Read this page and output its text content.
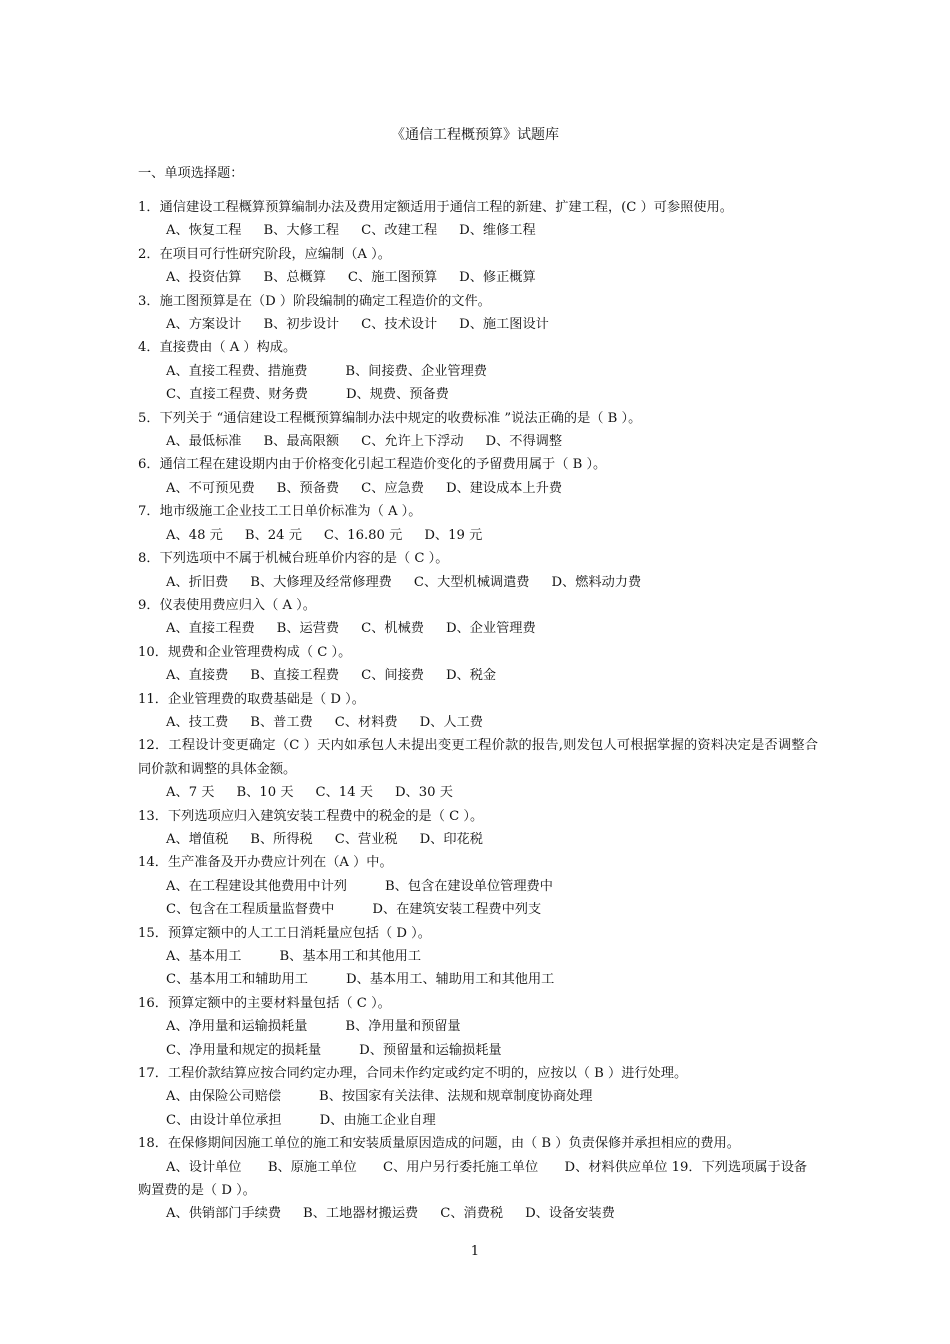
《通信工程概预算》试题库
一、单项选择题：

1．通信建设工程概算预算编制办法及费用定额适用于通信工程的新建、扩建工程，(C ）可参照使用。

A、恢复工程 B、大修工程 C、改建工程 D、维修工程

2．在项目可行性研究阶段，应编制（A ）。

A、投资估算 B、总概算 C、施工图预算 D、修正概算

3．施工图预算是在（D ）阶段编制的确定工程造价的文件。

A、方案设计 B、初步设计 C、技术设计 D、施工图设计

4．直接费由（ A ）构成。

A、直接工程费、措施费	B、间接费、企业管理费
C、直接工程费、财务费	D、规费、预备费

5．下列关于 “通信建设工程概预算编制办法中规定的收费标准 ”说法正确的是（ B ）。

A、最低标准 B、最高限额 C、允许上下浮动 D、不得调整

6．通信工程在建设期内由于价格变化引起工程造价变化的予留费用属于（ B ）。

A、不可预见费 B、预备费 C、应急费 D、建设成本上升费

7．地市级施工企业技工工日单价标准为（ A ）。

A、48 元 B、24 元 C、16.80 元 D、19 元

8．下列选项中不属于机械台班单价内容的是（ C ）。

A、折旧费 B、大修理及经常修理费 C、大型机械调遣费 D、燃料动力费

9．仪表使用费应归入（ A ）。

A、直接工程费 B、运营费 C、机械费 D、企业管理费

10．规费和企业管理费构成（ C ）。

A、直接费 B、直接工程费 C、间接费 D、税金

11．企业管理费的取费基础是（ D ）。

A、技工费 B、普工费 C、材料费 D、人工费

12．工程设计变更确定（C ）天内如承包人未提出变更工程价款的报告,则发包人可根据掌握的资料决定是否调整合同价款和调整的具体金额。

A、7 天 B、10 天 C、14 天 D、30 天

13．下列选项应归入建筑安装工程费中的税金的是（ C ）。

A、增值税 B、所得税 C、营业税 D、印花税

14．生产准备及开办费应计列在（A ）中。

A、在工程建设其他费用中计列	B、包含在建设单位管理费中
C、包含在工程质量监督费中	D、在建筑安装工程费中列支

15．预算定额中的人工工日消耗量应包括（ D ）。

A、基本用工	B、基本用工和其他用工
C、基本用工和辅助用工	D、基本用工、辅助用工和其他用工

16．预算定额中的主要材料量包括（ C ）。

A、净用量和运输损耗量	B、净用量和预留量
C、净用量和规定的损耗量	D、预留量和运输损耗量

17．工程价款结算应按合同约定办理，合同未作约定或约定不明的，应按以（ B ）进行处理。

A、由保险公司赔偿	B、按国家有关法律、法规和规章制度协商处理
C、由设计单位承担	D、由施工企业自理

18．在保修期间因施工单位的施工和安装质量原因造成的问题，由（ B ）负责保修并承担相应的费用。

A、设计单位　　B、原施工单位　　C、用户另行委托施工单位　　D、材料供应单位 19．下列选项属于设备购置费的是（ D ）。
A、供销部门手续费 B、工地器材搬运费 C、消费税 D、设备安装费
1
